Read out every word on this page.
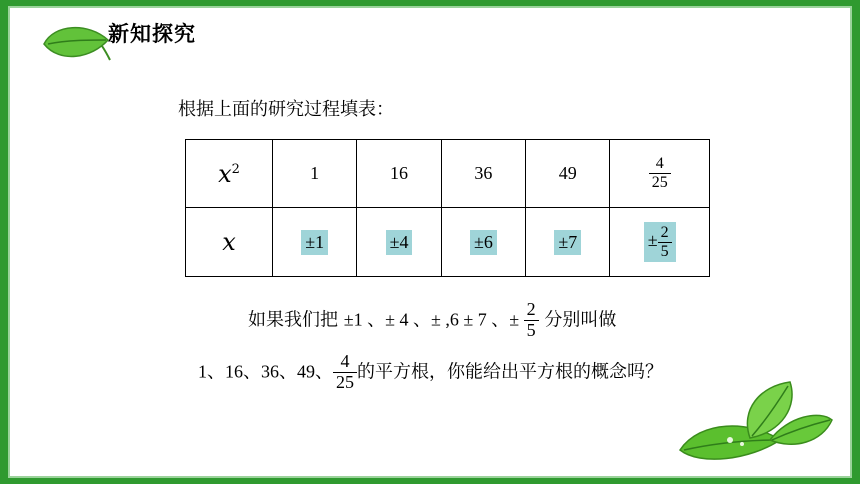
新知探究
根据上面的研究过程填表：
$x^2$	1	16	36	49	$\frac{4}{25}$

x	±1	±4	±6	±7	± $\frac{2}{5}$
如果我们把 ±1 、± 4 、± ,6 ± 7 、± $\frac{2}{5}$ 分别叫做
1、16、36、49、 $\frac{4}{25}$ 的平方根，你能给出平方根的概念吗？
